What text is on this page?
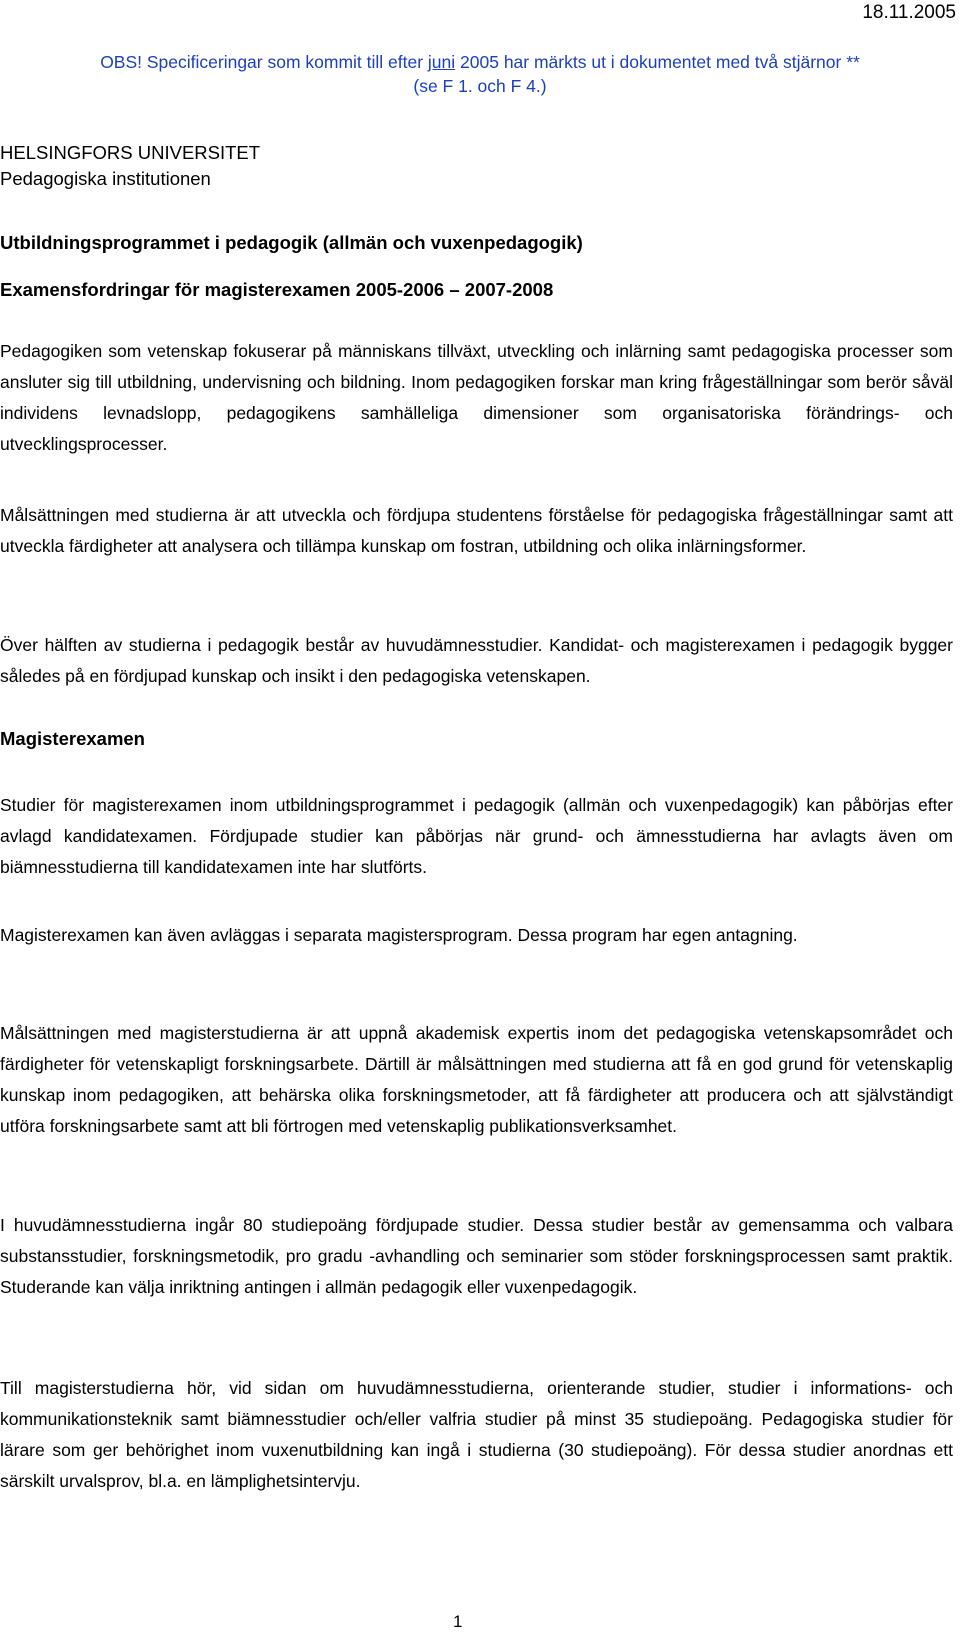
18.11.2005
OBS! Specificeringar som kommit till efter juni 2005 har märkts ut i dokumentet med två stjärnor **
(se F 1. och F 4.)
HELSINGFORS UNIVERSITET
Pedagogiska institutionen
Utbildningsprogrammet i pedagogik (allmän och vuxenpedagogik)
Examensfordringar för magisterexamen 2005-2006 – 2007-2008
Pedagogiken som vetenskap fokuserar på människans tillväxt, utveckling och inlärning samt pedagogiska processer som ansluter sig till utbildning, undervisning och bildning. Inom pedagogiken forskar man kring frågeställningar som berör såväl individens levnadslopp, pedagogikens samhälleliga dimensioner som organisatoriska förändrings- och utvecklingsprocesser.
Målsättningen med studierna är att utveckla och fördjupa studentens förståelse för pedagogiska frågeställningar samt att utveckla färdigheter att analysera och tillämpa kunskap om fostran, utbildning och olika inlärningsformer.
Över hälften av studierna i pedagogik består av huvudämnesstudier. Kandidat- och magisterexamen i pedagogik bygger således på en fördjupad kunskap och insikt i den pedagogiska vetenskapen.
Magisterexamen
Studier för magisterexamen inom utbildningsprogrammet i pedagogik (allmän och vuxenpedagogik) kan påbörjas efter avlagd kandidatexamen. Fördjupade studier kan påbörjas när grund- och ämnesstudierna har avlagts även om biämnesstudierna till kandidatexamen inte har slutförts.
Magisterexamen kan även avläggas i separata magistersprogram. Dessa program har egen antagning.
Målsättningen med magisterstudierna är att uppnå akademisk expertis inom det pedagogiska vetenskapsområdet och färdigheter för vetenskapligt forskningsarbete. Därtill är målsättningen med studierna att få en god grund för vetenskaplig kunskap inom pedagogiken, att behärska olika forskningsmetoder, att få färdigheter att producera och att självständigt utföra forskningsarbete samt att bli förtrogen med vetenskaplig publikationsverksamhet.
I huvudämnesstudierna ingår 80 studiepoäng fördjupade studier. Dessa studier består av gemensamma och valbara substansstudier, forskningsmetodik, pro gradu -avhandling och seminarier som stöder forskningsprocessen samt praktik. Studerande kan välja inriktning antingen i allmän pedagogik eller vuxenpedagogik.
Till magisterstudierna hör, vid sidan om huvudämnesstudierna, orienterande studier, studier i informations- och kommunikationsteknik samt biämnesstudier och/eller valfria studier på minst 35 studiepoäng. Pedagogiska studier för lärare som ger behörighet inom vuxenutbildning kan ingå i studierna (30 studiepoäng). För dessa studier anordnas ett särskilt urvalsprov, bl.a. en lämplighetsintervju.
1
